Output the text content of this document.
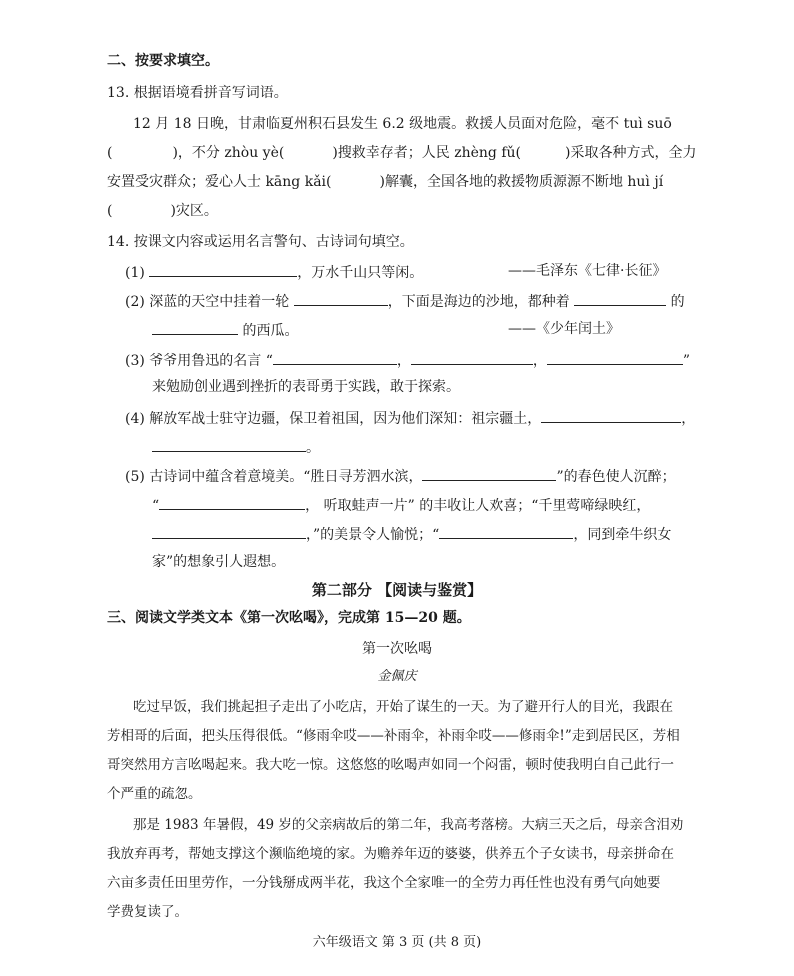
二、按要求填空。
13. 根据语境看拼音写词语。
12 月 18 日晚，甘肃临夏州积石县发生 6.2 级地震。救援人员面对危险，毫不 tuì suō
(	)，不分 zhòu yè(	)搜救幸存者；人民 zhèng fǔ(	)采取各种方式，全力
安置受灾群众；爱心人士 kāng kǎi(	)解囊，全国各地的救援物质源源不断地 huì jí
(	)灾区。
14. 按课文内容或运用名言警句、古诗词句填空。
(1)	，万水千山只等闲。	——毛泽东《七律·长征》
(2) 深蓝的天空中挂着一轮	，下面是海边的沙地，都种着	的
的西瓜。	——《少年闰土》
(3) 爷爷用鲁迅的名言 “	，	，	”
来勉励创业遇到挫折的表哥勇于实践，敢于探索。
(4) 解放军战士驻守边疆，保卫着祖国，因为他们深知：祖宗疆土，	，
。
(5) 古诗词中蕴含着意境美。“胜日寻芳泗水滨，	”的春色使人沉醉；
“	， 听取蛙声一片” 的丰收让人欢喜；“千里莺啼绿映红，
，”的美景令人愉悦；“	，同到牵牛织女
家”的想象引人遐想。
第二部分 【阅读与鉴赏】
三、阅读文学类文本《第一次吆喝》，完成第 15—20 题。
第一次吆喝
金佩庆
吃过早饭，我们挑起担子走出了小吃店，开始了谋生的一天。为了避开行人的目光，我跟在
芳相哥的后面，把头压得很低。“修雨伞哎——补雨伞，补雨伞哎——修雨伞!”走到居民区，芳相
哥突然用方言吆喝起来。我大吃一惊。这悠悠的吆喝声如同一个闷雷，顿时使我明白自己此行一
个严重的疏忽。
那是 1983 年暑假，49 岁的父亲病故后的第二年，我高考落榜。大病三天之后，母亲含泪劝
我放弃再考，帮她支撑这个濒临绝境的家。为赡养年迈的婆婆，供养五个子女读书，母亲拼命在
六亩多责任田里劳作，一分钱掰成两半花，我这个全家唯一的全劳力再任性也没有勇气向她要
学费复读了。
六年级语文 第 3 页 (共 8 页)
